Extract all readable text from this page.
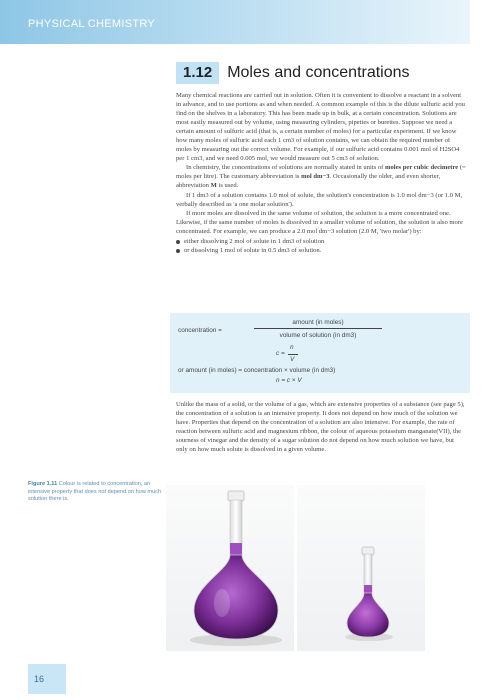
PHYSICAL CHEMISTRY
1.12 Moles and concentrations

Many chemical reactions are carried out in solution. Often it is convenient to dissolve a reactant in a solvent in advance, and to use portions as and when needed. A common example of this is the dilute sulfuric acid you find on the shelves in a laboratory. This has been made up in bulk, at a certain concentration. Solutions are most easily measured out by volume, using measuring cylinders, pipettes or burettes. Suppose we need a certain amount of sulfuric acid (that is, a certain number of moles) for a particular experiment. If we know how many moles of sulfuric acid each 1 cm3 of solution contains, we can obtain the required number of moles by measuring out the correct volume. For example, if our sulfuric acid contains 0.001 mol of H2SO4 per 1 cm3, and we need 0.005 mol, we would measure out 5 cm3 of solution.

In chemistry, the concentrations of solutions are normally stated in units of moles per cubic decimetre (= moles per litre). The customary abbreviation is mol dm−3. Occasionally the older, and even shorter, abbreviation M is used.

If 1 dm3 of a solution contains 1.0 mol of solute, the solution's concentration is 1.0 mol dm−3 (or 1.0 M, verbally described as 'a one molar solution').

If more moles are dissolved in the same volume of solution, the solution is a more concentrated one. Likewise, if the same number of moles is dissolved in a smaller volume of solution, the solution is also more concentrated. For example, we can produce a 2.0 mol dm−3 solution (2.0 M, 'two molar') by:

either dissolving 2 mol of solute in 1 dm3 of solution
or dissolving 1 mol of solute in 0.5 dm3 of solution.
concentration =
amount (in moles)
volume of solution (in dm3)
c =
n
V
or amount (in moles) = concentration × volume (in dm3)
n = c × V

Unlike the mass of a solid, or the volume of a gas, which are extensive properties of a substance (see page 5), the concentration of a solution is an intensive property. It does not depend on how much of the solution we have. Properties that depend on the concentration of a solution are also intensive. For example, the rate of reaction between sulfuric acid and magnesium ribbon, the colour of aqueous potassium manganate(VII), the sourness of vinegar and the density of a sugar solution do not depend on how much solution we have, but only on how much solute is dissolved in a given volume.

Figure 1.11 Colour is related to concentration, an intensive property that does not depend on how much solution there is.
16
